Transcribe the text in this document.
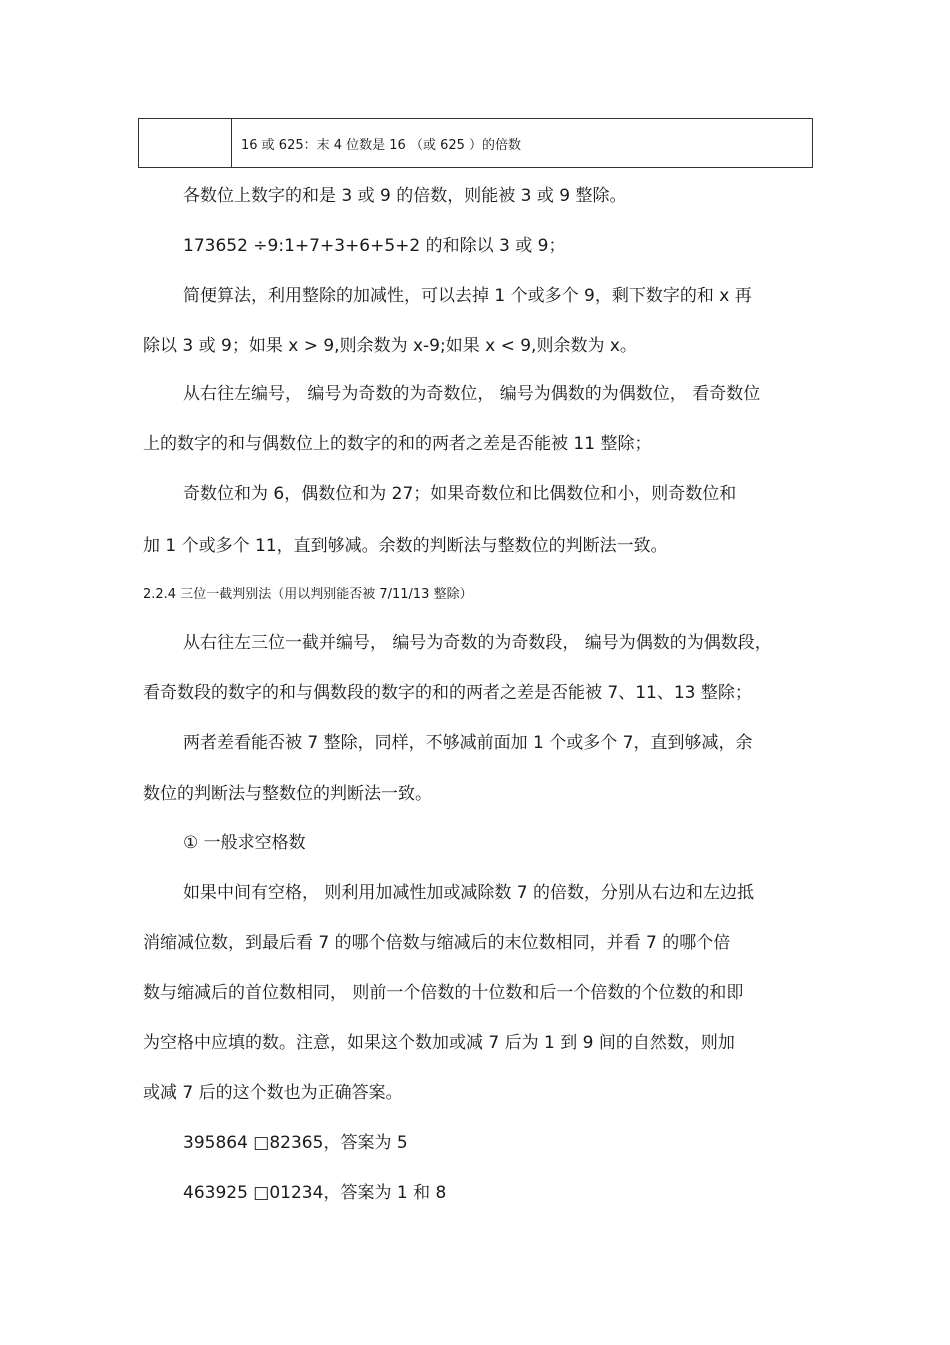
16 或 625：末 4 位数是 16 （或 625 ）的倍数
各数位上数字的和是 3 或 9 的倍数，则能被 3 或 9 整除。
173652 ÷9:1+7+3+6+5+2 的和除以 3 或 9；
简便算法，利用整除的加减性，可以去掉 1 个或多个 9，剩下数字的和 x 再
除以 3 或 9；如果 x > 9,则余数为 x-9;如果 x < 9,则余数为 x。
从右往左编号， 编号为奇数的为奇数位， 编号为偶数的为偶数位， 看奇数位
上的数字的和与偶数位上的数字的和的两者之差是否能被 11 整除；
奇数位和为 6，偶数位和为 27；如果奇数位和比偶数位和小，则奇数位和
加 1 个或多个 11，直到够减。余数的判断法与整数位的判断法一致。
2.2.4 三位一截判别法（用以判别能否被 7/11/13 整除）
从右往左三位一截并编号， 编号为奇数的为奇数段， 编号为偶数的为偶数段，
看奇数段的数字的和与偶数段的数字的和的两者之差是否能被 7、11、13 整除；
两者差看能否被 7 整除，同样，不够减前面加 1 个或多个 7，直到够减，余
数位的判断法与整数位的判断法一致。
① 一般求空格数
如果中间有空格， 则利用加减性加或减除数 7 的倍数，分别从右边和左边抵
消缩减位数，到最后看 7 的哪个倍数与缩减后的末位数相同，并看 7 的哪个倍
数与缩减后的首位数相同， 则前一个倍数的十位数和后一个倍数的个位数的和即
为空格中应填的数。注意，如果这个数加或减 7 后为 1 到 9 间的自然数，则加
或减 7 后的这个数也为正确答案。
395864 □82365，答案为 5
463925 □01234，答案为 1 和 8
